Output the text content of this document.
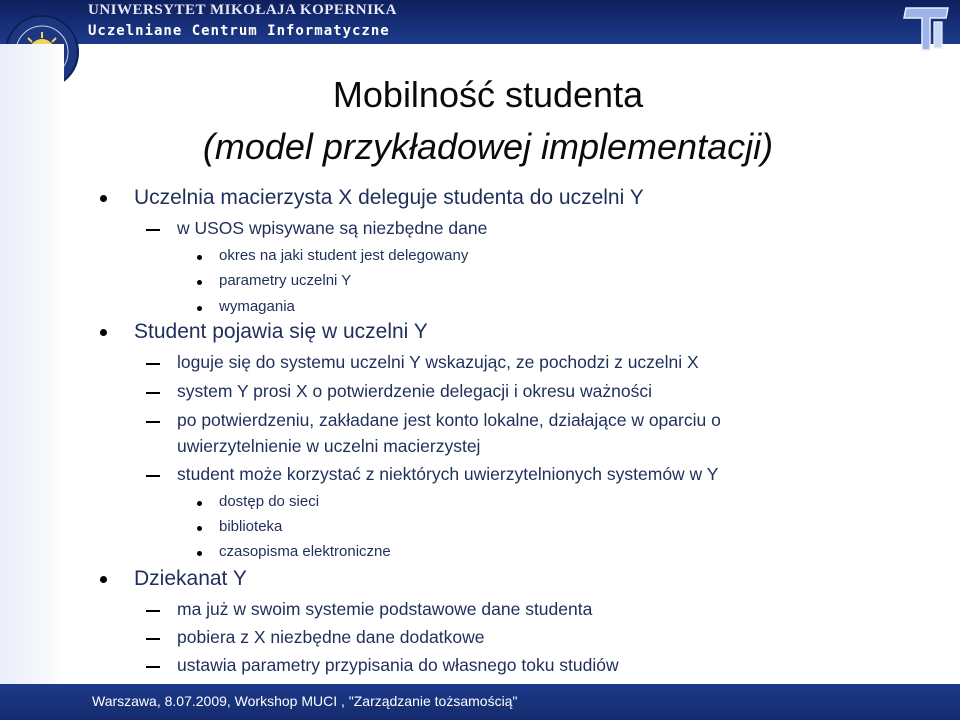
UNIWERSYTET MIKOŁAJA KOPERNIKA
Uczelniane Centrum Informatyczne
Mobilność studenta
(model przykładowej implementacji)
Uczelnia macierzysta X deleguje studenta do uczelni Y
w USOS wpisywane są niezbędne dane
okres na jaki student jest delegowany
parametry uczelni Y
wymagania
Student pojawia się w uczelni Y
loguje się do systemu uczelni Y wskazując, ze pochodzi z uczelni X
system Y prosi X o potwierdzenie delegacji i okresu ważności
po potwierdzeniu, zakładane jest konto lokalne, działające w oparciu o
uwierzytelnienie w uczelni macierzystej
student może korzystać z niektórych uwierzytelnionych systemów w Y
dostęp do sieci
biblioteka
czasopisma elektroniczne
Dziekanat Y
ma już w swoim systemie podstawowe dane studenta
pobiera z X niezbędne dane dodatkowe
ustawia parametry przypisania do własnego toku studiów
Warszawa, 8.07.2009, Workshop MUCI , "Zarządzanie tożsamością"
